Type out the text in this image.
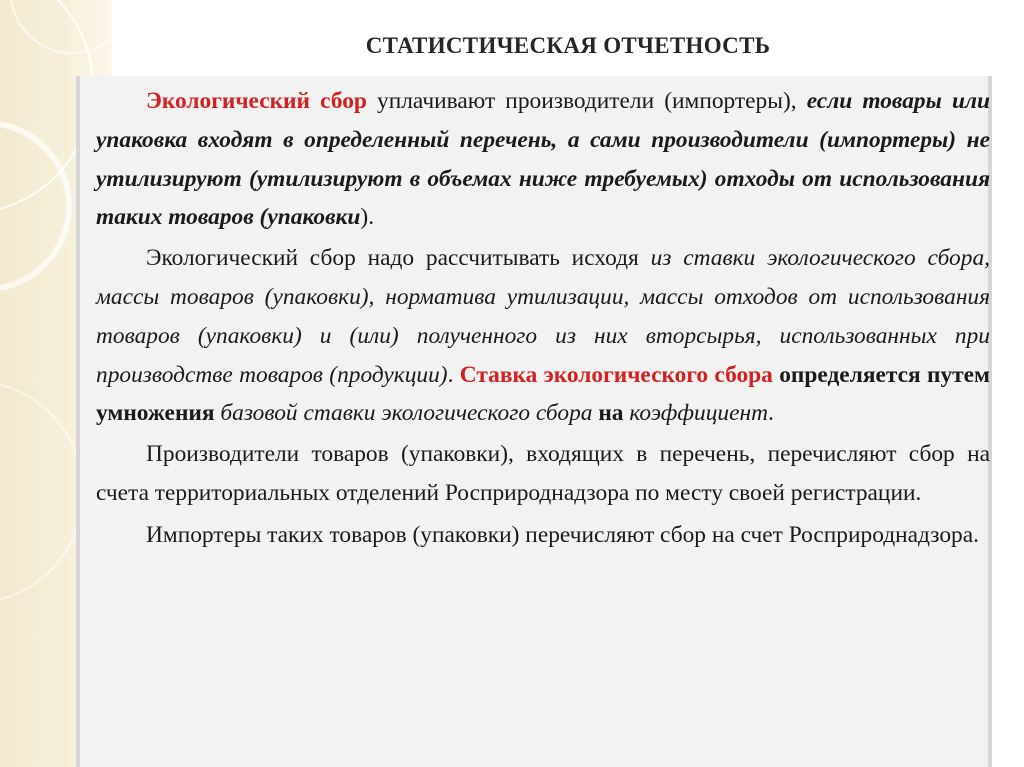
СТАТИСТИЧЕСКАЯ ОТЧЕТНОСТЬ

Экологический сбор уплачивают производители (импортеры), если товары или упаковка входят в определенный перечень, а сами производители (импортеры) не утилизируют (утилизируют в объемах ниже требуемых) отходы от использования таких товаров (упаковки).

Экологический сбор надо рассчитывать исходя из ставки экологического сбора, массы товаров (упаковки), норматива утилизации, массы отходов от использования товаров (упаковки) и (или) полученного из них вторсырья, использованных при производстве товаров (продукции). Ставка экологического сбора определяется путем умножения базовой ставки экологического сбора на коэффициент.

Производители товаров (упаковки), входящих в перечень, перечисляют сбор на счета территориальных отделений Росприроднадзора по месту своей регистрации.

Импортеры таких товаров (упаковки) перечисляют сбор на счет Росприроднадзора.
